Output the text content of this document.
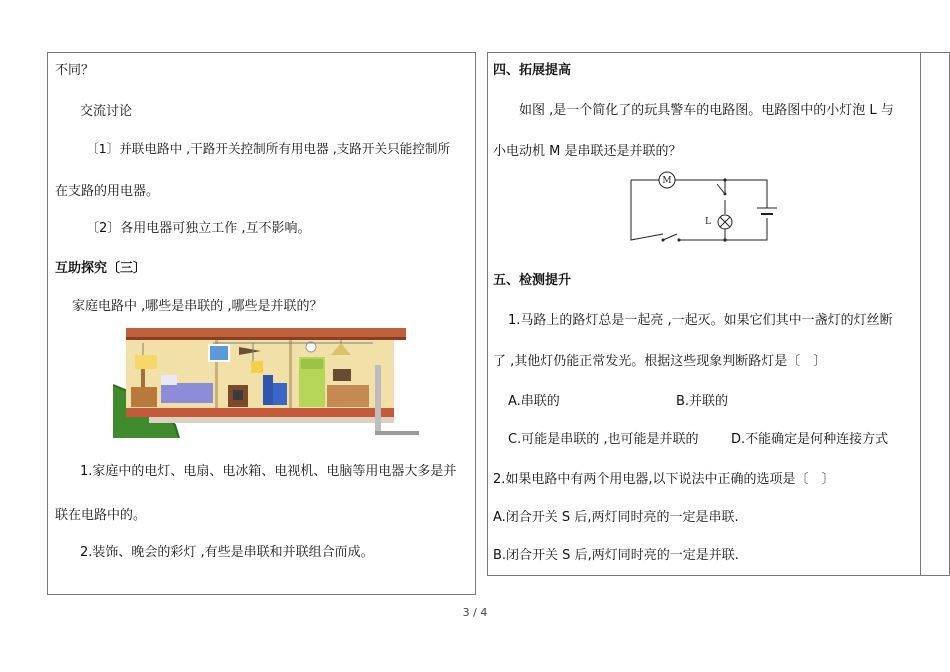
不同？
交流讨论
〔1〕并联电路中 ,干路开关控制所有用电器 ,支路开关只能控制所
在支路的用电器。
〔2〕各用电器可独立工作 ,互不影响。
互助探究〔三〕
家庭电路中 ,哪些是串联的 ,哪些是并联的？
1.家庭中的电灯、电扇、电冰箱、电视机、电脑等用电器大多是并
联在电路中的。
2.装饰、晚会的彩灯 ,有些是串联和并联组合而成。
四、拓展提高
如图 ,是一个简化了的玩具警车的电路图。电路图中的小灯泡 L 与
小电动机 M 是串联还是并联的？
M
L
五、检测提升
1.马路上的路灯总是一起亮 ,一起灭。如果它们其中一盏灯的灯丝断
了 ,其他灯仍能正常发光。根据这些现象判断路灯是〔　〕
A.串联的	B.并联的
C.可能是串联的 ,也可能是并联的	D.不能确定是何种连接方式
2.如果电路中有两个用电器,以下说法中正确的选项是〔　〕
A.闭合开关 S 后,两灯同时亮的一定是串联.
B.闭合开关 S 后,两灯同时亮的一定是并联.
3 / 4
